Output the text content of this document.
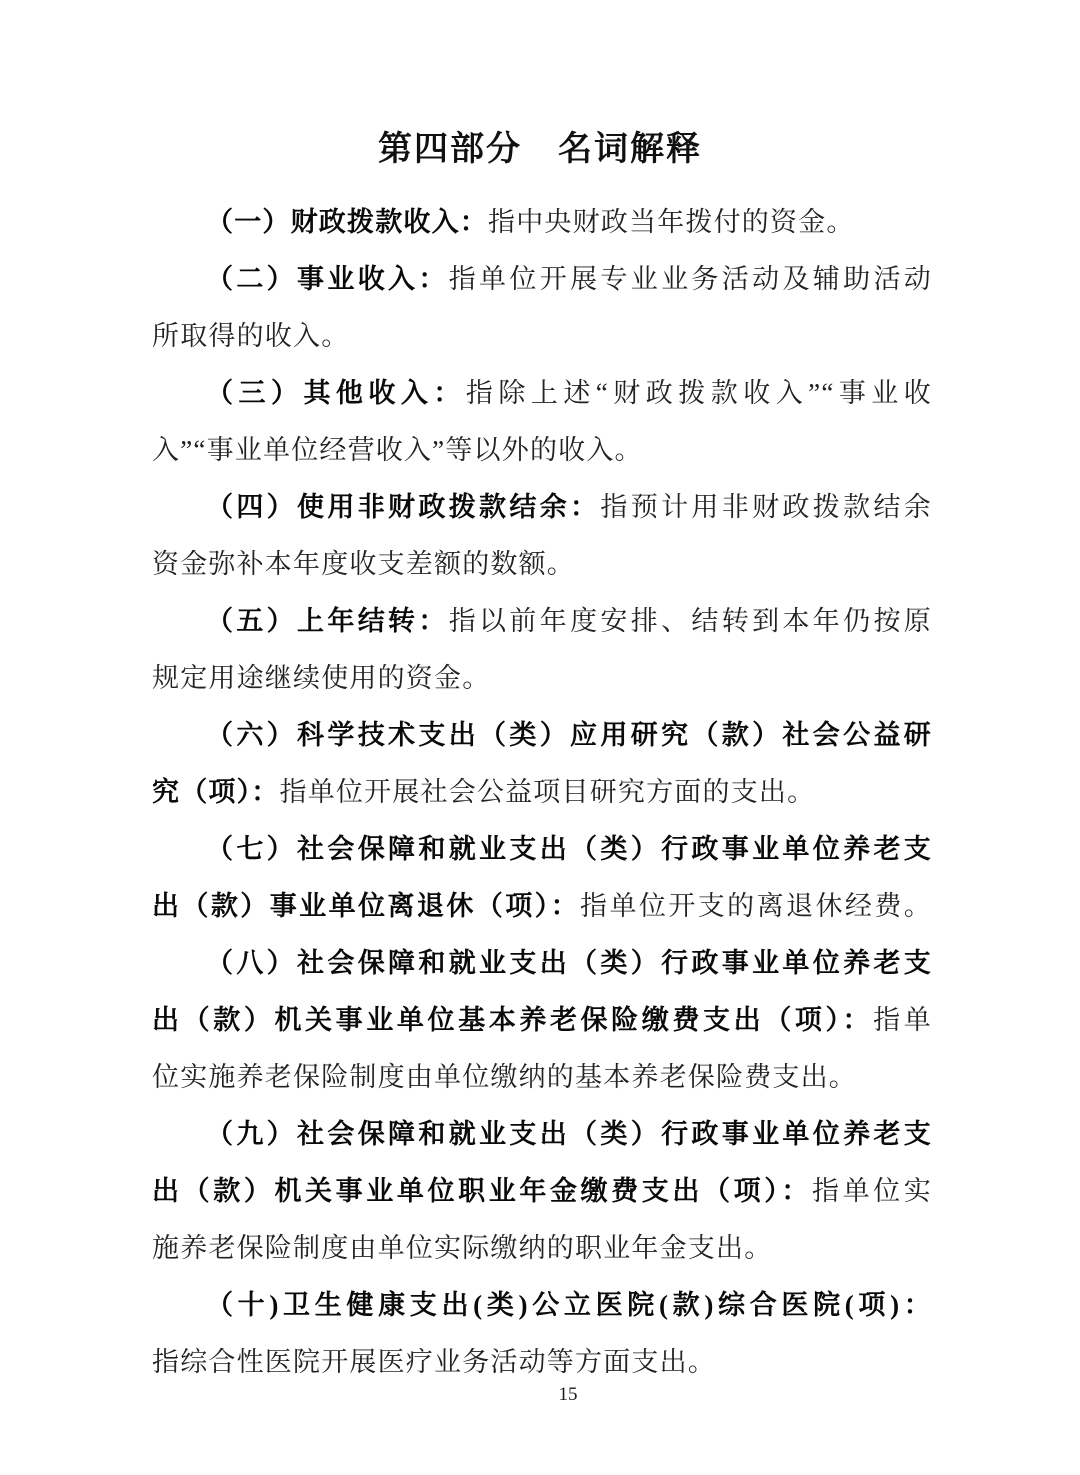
第四部分　名词解释
（一）财政拨款收入：指中央财政当年拨付的资金。
（二）事业收入：指单位开展专业业务活动及辅助活动
所取得的收入。
（三）其他收入：指除上述“财政拨款收入”“事业收
入”“事业单位经营收入”等以外的收入。
（四）使用非财政拨款结余：指预计用非财政拨款结余
资金弥补本年度收支差额的数额。
（五）上年结转：指以前年度安排、结转到本年仍按原
规定用途继续使用的资金。
（六）科学技术支出（类）应用研究（款）社会公益研
究（项）：指单位开展社会公益项目研究方面的支出。
（七）社会保障和就业支出（类）行政事业单位养老支
出（款）事业单位离退休（项）：指单位开支的离退休经费。
（八）社会保障和就业支出（类）行政事业单位养老支
出（款）机关事业单位基本养老保险缴费支出（项）：指单
位实施养老保险制度由单位缴纳的基本养老保险费支出。
（九）社会保障和就业支出（类）行政事业单位养老支
出（款）机关事业单位职业年金缴费支出（项）：指单位实
施养老保险制度由单位实际缴纳的职业年金支出。
（十)卫生健康支出(类)公立医院(款)综合医院(项)：
指综合性医院开展医疗业务活动等方面支出。
15
